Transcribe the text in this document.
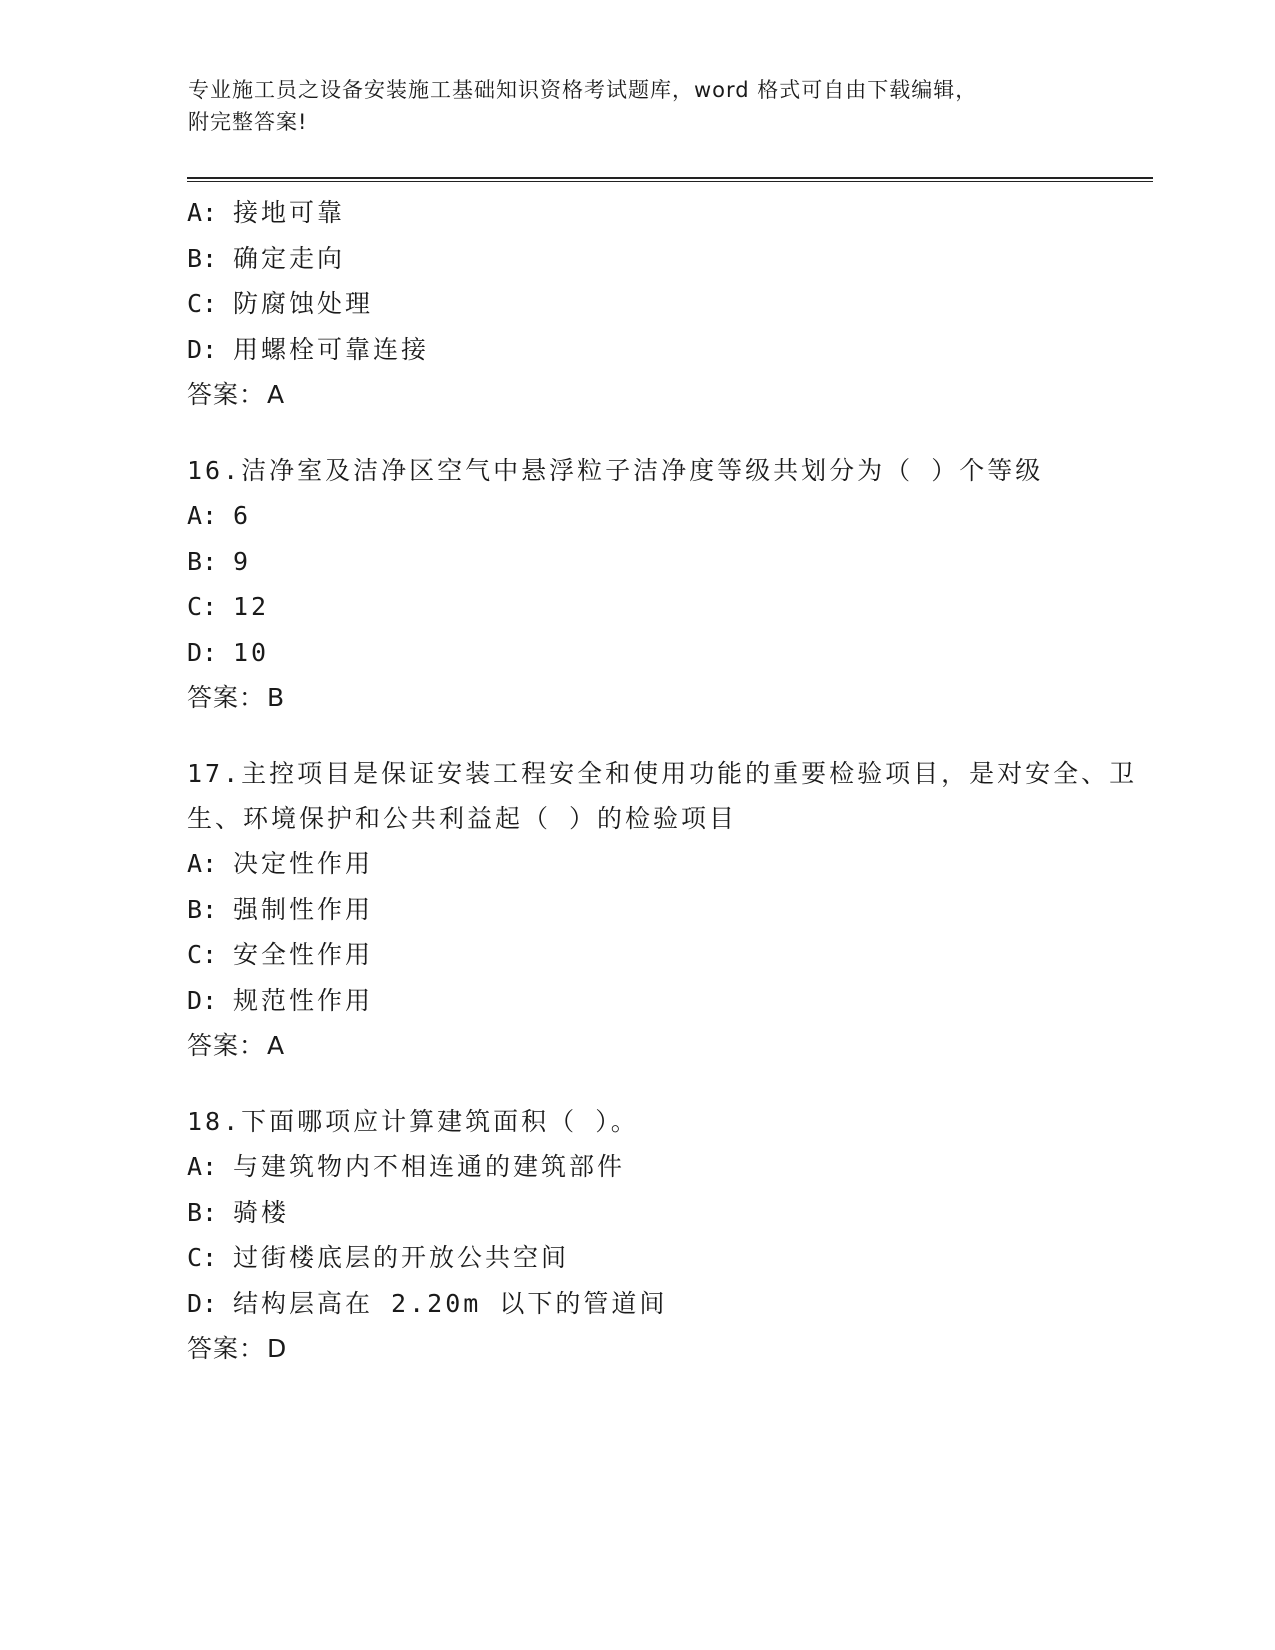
专业施工员之设备安装施工基础知识资格考试题库，word 格式可自由下载编辑，
附完整答案!
A: 接地可靠
B: 确定走向
C: 防腐蚀处理
D: 用螺栓可靠连接
答案：A
16.洁净室及洁净区空气中悬浮粒子洁净度等级共划分为（ ）个等级
A: 6
B: 9
C: 12
D: 10
答案：B
17.主控项目是保证安装工程安全和使用功能的重要检验项目，是对安全、卫生、环境保护和公共利益起（ ）的检验项目
A: 决定性作用
B: 强制性作用
C: 安全性作用
D: 规范性作用
答案：A
18.下面哪项应计算建筑面积（ ）。
A: 与建筑物内不相连通的建筑部件
B: 骑楼
C: 过街楼底层的开放公共空间
D: 结构层高在 2.20m 以下的管道间
答案：D
